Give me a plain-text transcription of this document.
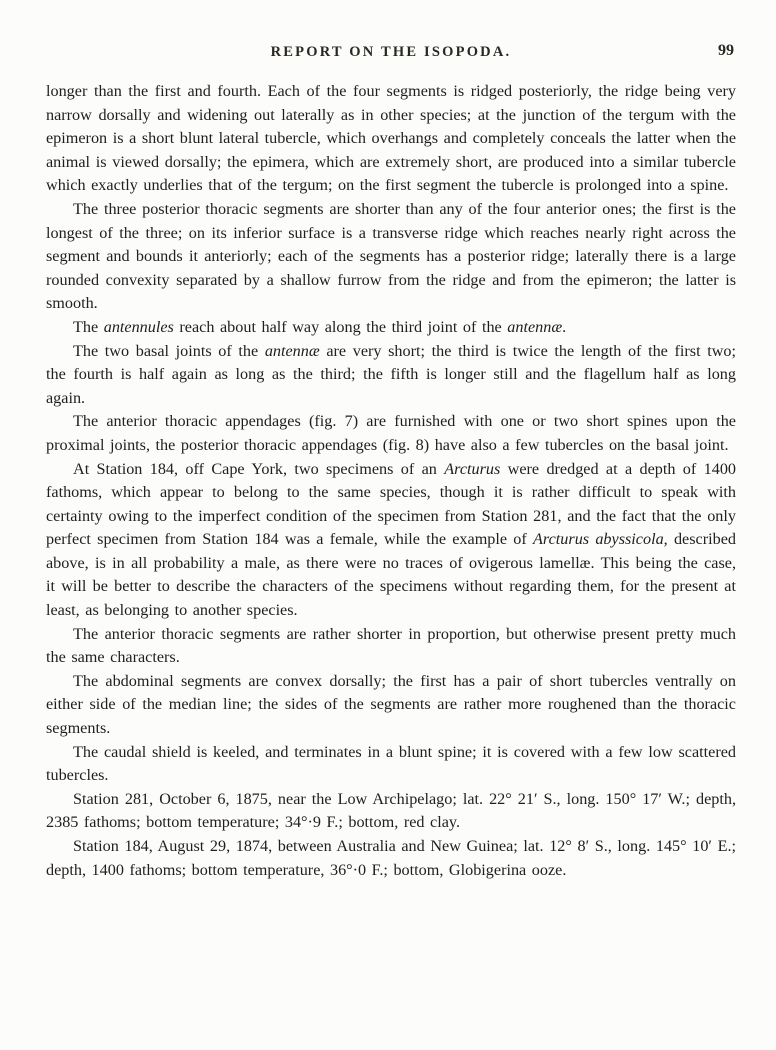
REPORT ON THE ISOPODA.	99

longer than the first and fourth. Each of the four segments is ridged posteriorly, the ridge being very narrow dorsally and widening out laterally as in other species; at the junction of the tergum with the epimeron is a short blunt lateral tubercle, which overhangs and completely conceals the latter when the animal is viewed dorsally; the epimera, which are extremely short, are produced into a similar tubercle which exactly underlies that of the tergum; on the first segment the tubercle is prolonged into a spine.

The three posterior thoracic segments are shorter than any of the four anterior ones; the first is the longest of the three; on its inferior surface is a transverse ridge which reaches nearly right across the segment and bounds it anteriorly; each of the segments has a posterior ridge; laterally there is a large rounded convexity separated by a shallow furrow from the ridge and from the epimeron; the latter is smooth.

The antennules reach about half way along the third joint of the antennæ.

The two basal joints of the antennæ are very short; the third is twice the length of the first two; the fourth is half again as long as the third; the fifth is longer still and the flagellum half as long again.

The anterior thoracic appendages (fig. 7) are furnished with one or two short spines upon the proximal joints, the posterior thoracic appendages (fig. 8) have also a few tubercles on the basal joint.

At Station 184, off Cape York, two specimens of an Arcturus were dredged at a depth of 1400 fathoms, which appear to belong to the same species, though it is rather difficult to speak with certainty owing to the imperfect condition of the specimen from Station 281, and the fact that the only perfect specimen from Station 184 was a female, while the example of Arcturus abyssicola, described above, is in all probability a male, as there were no traces of ovigerous lamellæ. This being the case, it will be better to describe the characters of the specimens without regarding them, for the present at least, as belonging to another species.

The anterior thoracic segments are rather shorter in proportion, but otherwise present pretty much the same characters.

The abdominal segments are convex dorsally; the first has a pair of short tubercles ventrally on either side of the median line; the sides of the segments are rather more roughened than the thoracic segments.

The caudal shield is keeled, and terminates in a blunt spine; it is covered with a few low scattered tubercles.

Station 281, October 6, 1875, near the Low Archipelago; lat. 22° 21′ S., long. 150° 17′ W.; depth, 2385 fathoms; bottom temperature; 34°·9 F.; bottom, red clay.

Station 184, August 29, 1874, between Australia and New Guinea; lat. 12° 8′ S., long. 145° 10′ E.; depth, 1400 fathoms; bottom temperature, 36°·0 F.; bottom, Globigerina ooze.
